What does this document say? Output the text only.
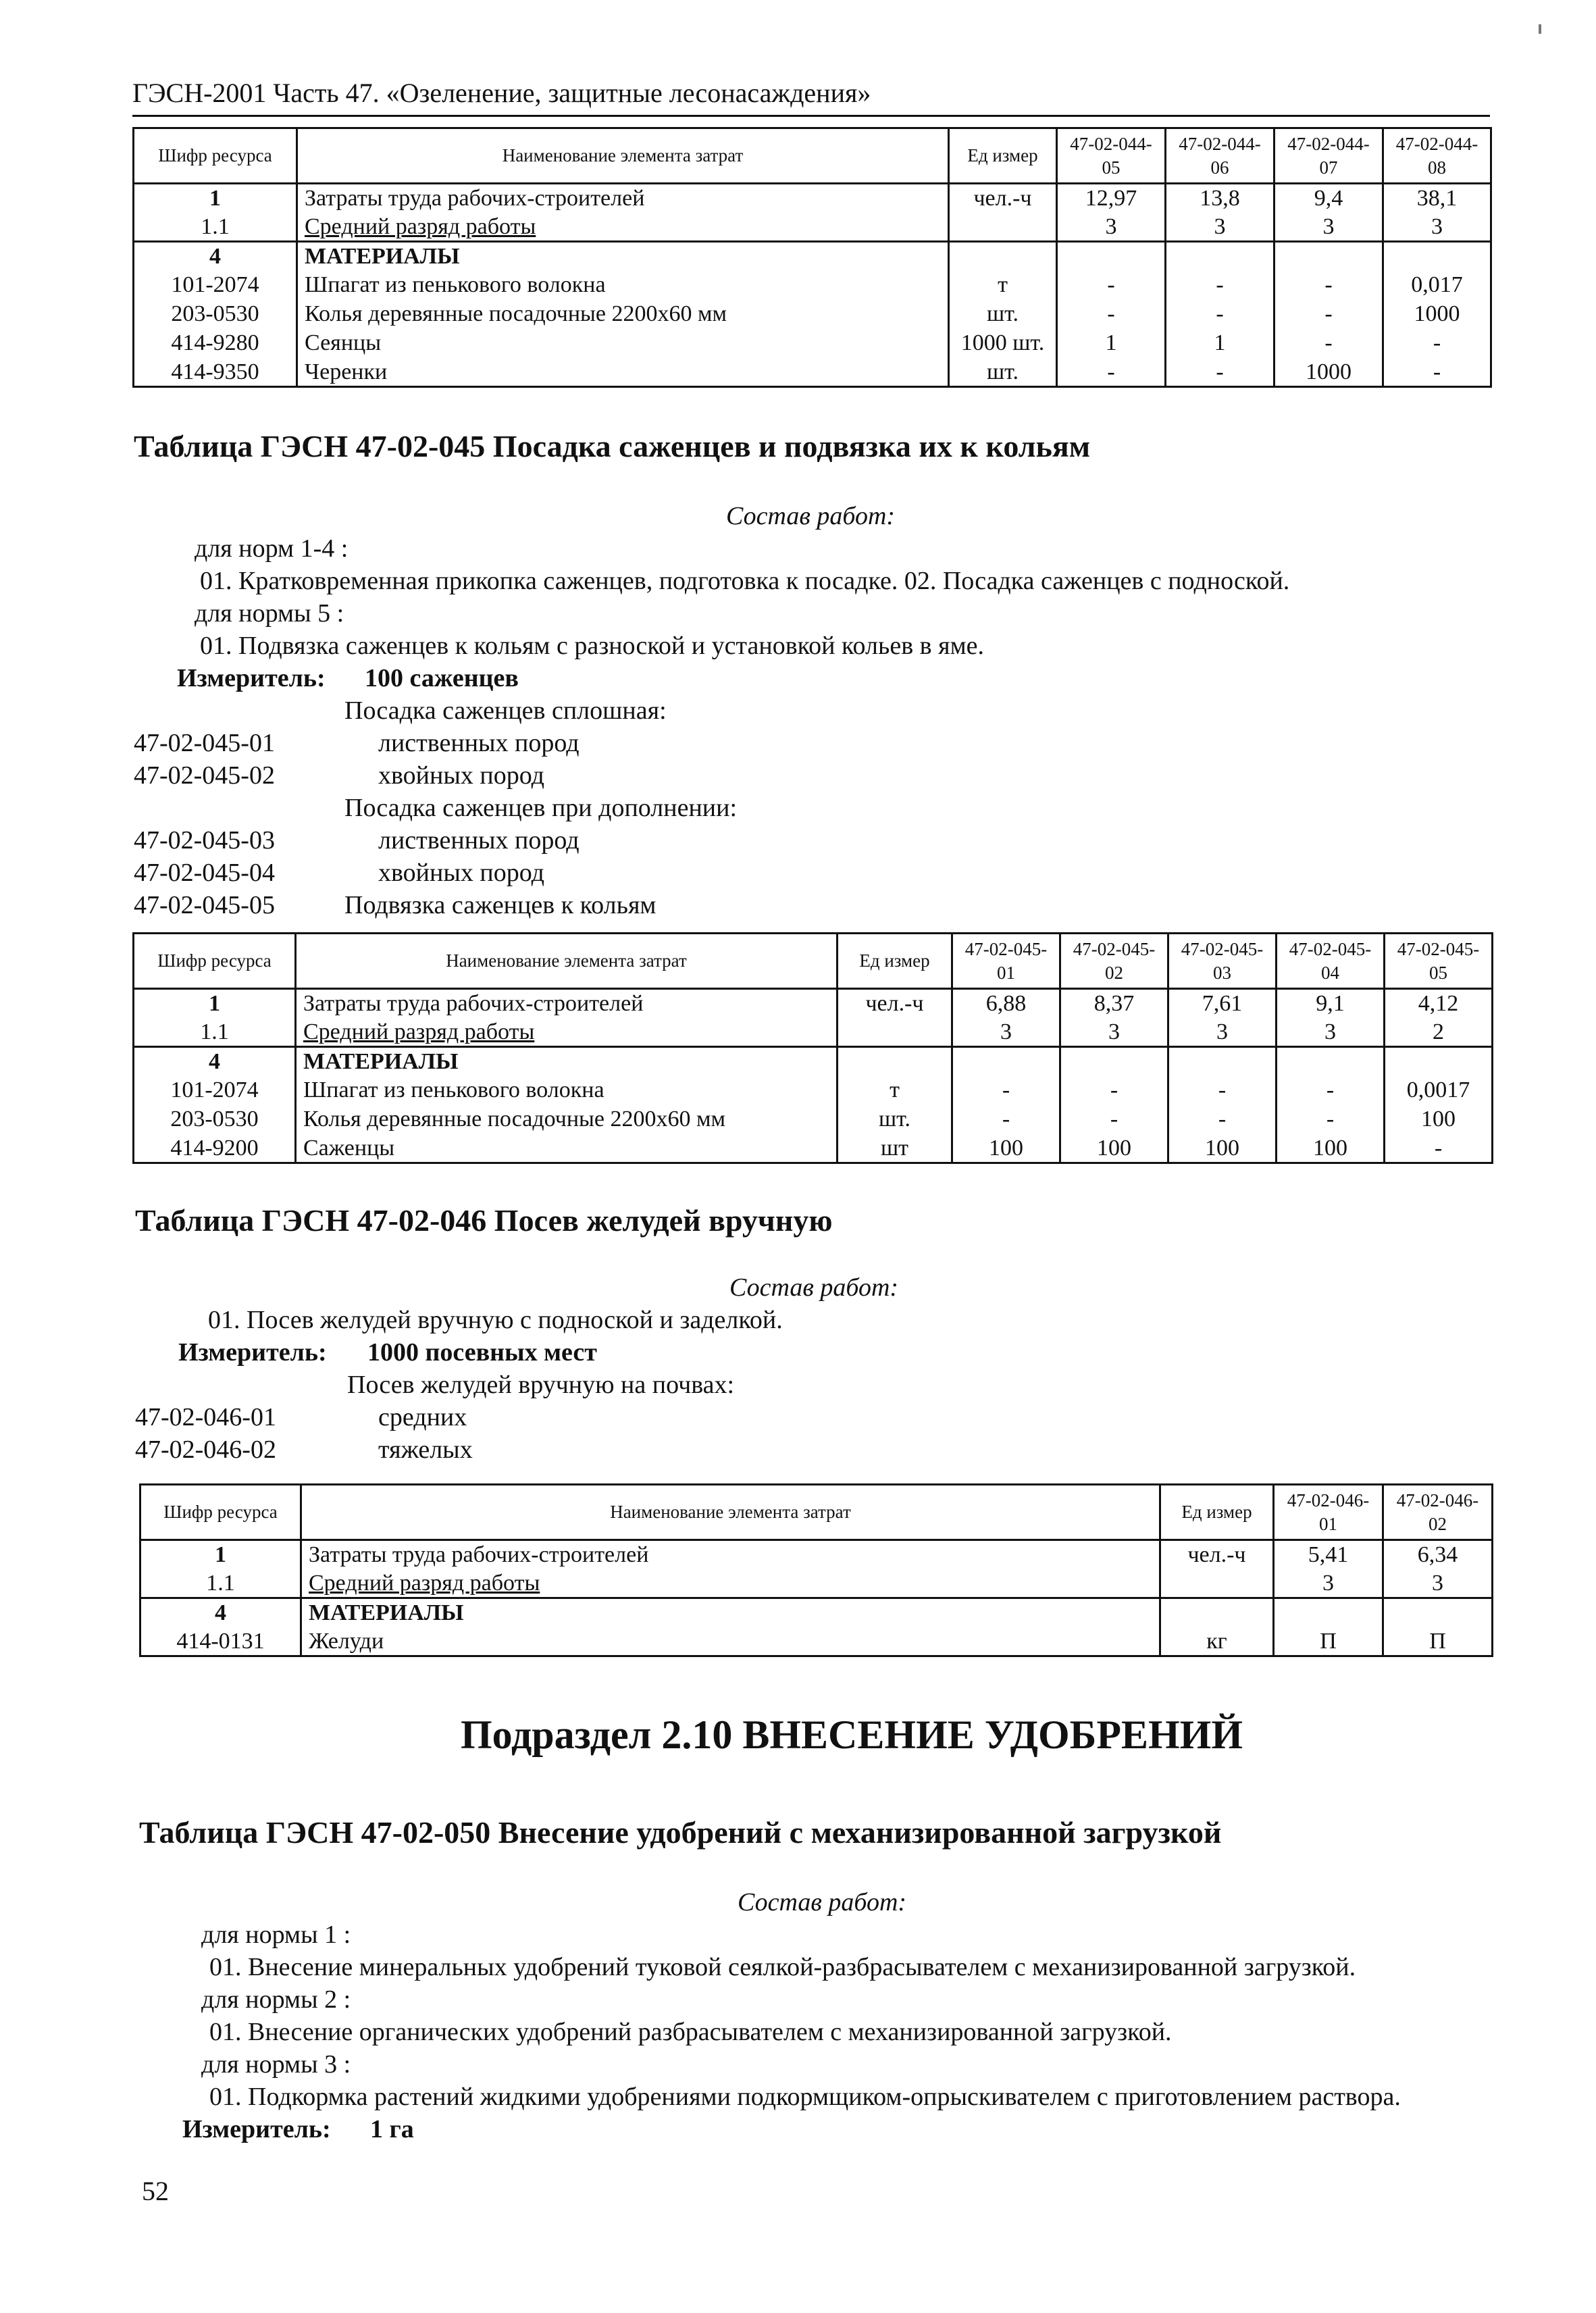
ГЭСН-2001 Часть 47. «Озеленение, защитные лесонасаждения»
Шифр ресурса	Наименование элемента затрат	Ед измер	47-02-044-05	47-02-044-06	47-02-044-07	47-02-044-08
1	Затраты труда рабочих-строителей	чел.-ч	12,97	13,8	9,4	38,1
1.1	Средний разряд работы		3	3	3	3
4	МАТЕРИАЛЫ					
101-2074	Шпагат из пенькового волокна	т	-	-	-	0,017
203-0530	Колья деревянные посадочные 2200х60 мм	шт.	-	-	-	1000
414-9280	Сеянцы	1000 шт.	1	1	-	-
414-9350	Черенки	шт.	-	-	1000	-
Таблица ГЭСН 47-02-045 Посадка саженцев и подвязка их к кольям
Состав работ:
для норм 1-4 :
01. Кратковременная прикопка саженцев, подготовка к посадке. 02. Посадка саженцев с подноской.
для нормы 5 :
01. Подвязка саженцев к кольям с разноской и установкой кольев в яме.
Измеритель: 100 саженцев
Посадка саженцев сплошная:
47-02-045-01	лиственных пород
47-02-045-02	хвойных пород
Посадка саженцев при дополнении:
47-02-045-03	лиственных пород
47-02-045-04	хвойных пород
47-02-045-05	Подвязка саженцев к кольям
Шифр ресурса	Наименование элемента затрат	Ед измер	47-02-045-01	47-02-045-02	47-02-045-03	47-02-045-04	47-02-045-05
1	Затраты труда рабочих-строителей	чел.-ч	6,88	8,37	7,61	9,1	4,12
1.1	Средний разряд работы		3	3	3	3	2
4	МАТЕРИАЛЫ						
101-2074	Шпагат из пенькового волокна	т	-	-	-	-	0,0017
203-0530	Колья деревянные посадочные 2200х60 мм	шт.	-	-	-	-	100
414-9200	Саженцы	шт	100	100	100	100	-
Таблица ГЭСН 47-02-046 Посев желудей вручную
Состав работ:
01. Посев желудей вручную с подноской и заделкой.
Измеритель: 1000 посевных мест
Посев желудей вручную на почвах:
47-02-046-01	средних
47-02-046-02	тяжелых
Шифр ресурса	Наименование элемента затрат	Ед измер	47-02-046-01	47-02-046-02
1	Затраты труда рабочих-строителей	чел.-ч	5,41	6,34
1.1	Средний разряд работы		3	3
4	МАТЕРИАЛЫ			
414-0131	Желуди	кг	П	П
Подраздел 2.10 ВНЕСЕНИЕ УДОБРЕНИЙ
Таблица ГЭСН 47-02-050 Внесение удобрений с механизированной загрузкой
Состав работ:
для нормы 1 :
01. Внесение минеральных удобрений туковой сеялкой-разбрасывателем с механизированной загрузкой.
для нормы 2 :
01. Внесение органических удобрений разбрасывателем с механизированной загрузкой.
для нормы 3 :
01. Подкормка растений жидкими удобрениями подкормщиком-опрыскивателем с приготовлением раствора.
Измеритель: 1 га
52
